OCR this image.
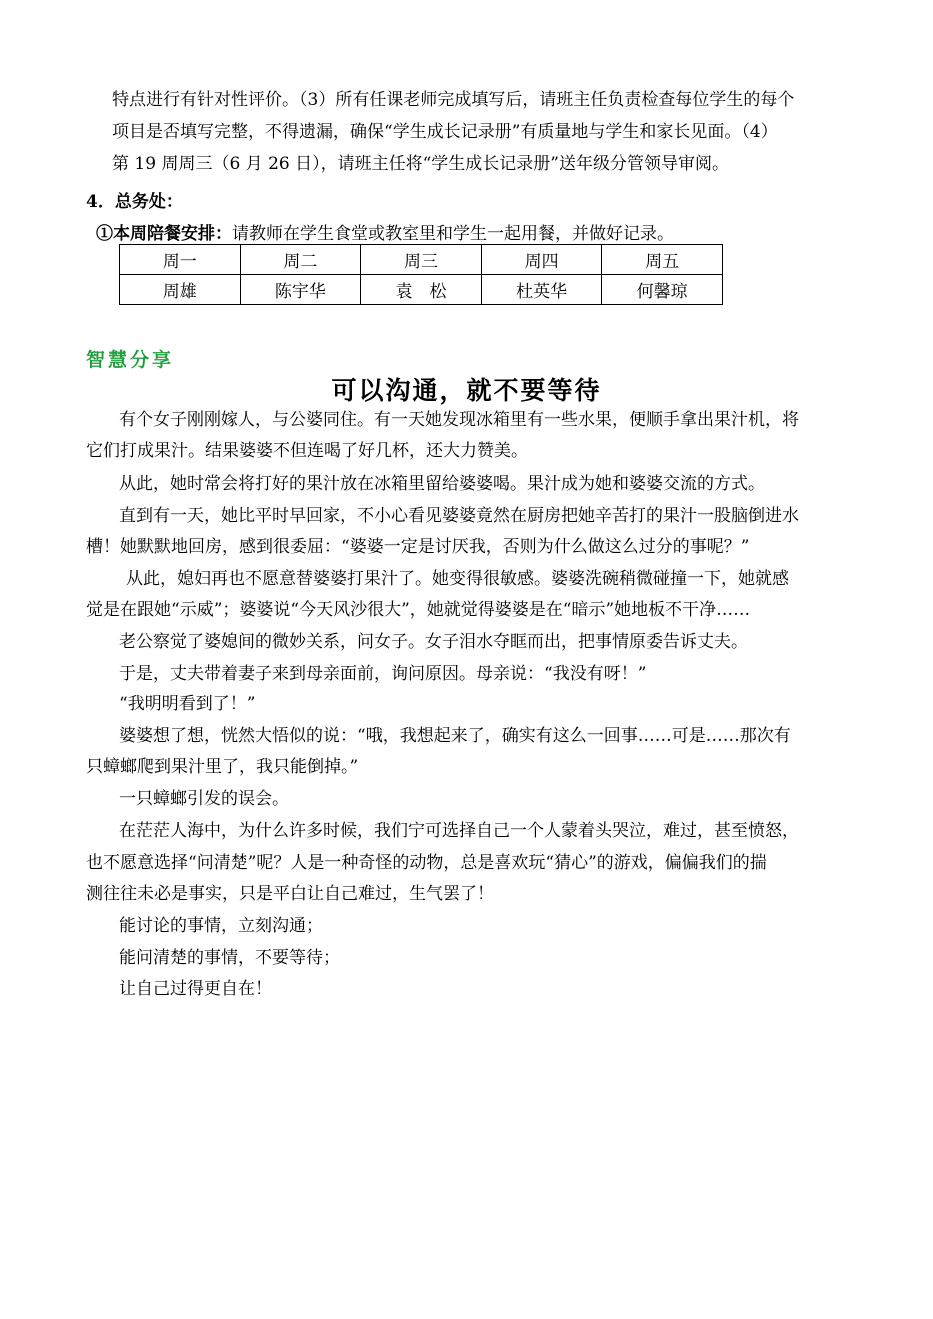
特点进行有针对性评价。（3）所有任课老师完成填写后，请班主任负责检查每位学生的每个
项目是否填写完整，不得遗漏，确保“学生成长记录册”有质量地与学生和家长见面。（4）
第 19 周周三（6 月 26 日），请班主任将“学生成长记录册”送年级分管领导审阅。
4．总务处：
①本周陪餐安排：请教师在学生食堂或教室里和学生一起用餐，并做好记录。
周一	周二	周三	周四	周五
周雄	陈宇华	袁　松	杜英华	何馨琼
智慧分享
可以沟通，就不要等待
有个女子刚刚嫁人，与公婆同住。有一天她发现冰箱里有一些水果，便顺手拿出果汁机，将
它们打成果汁。结果婆婆不但连喝了好几杯，还大力赞美。
从此，她时常会将打好的果汁放在冰箱里留给婆婆喝。果汁成为她和婆婆交流的方式。
直到有一天，她比平时早回家，不小心看见婆婆竟然在厨房把她辛苦打的果汁一股脑倒进水
槽！她默默地回房，感到很委屈：“婆婆一定是讨厌我，否则为什么做这么过分的事呢？”
从此，媳妇再也不愿意替婆婆打果汁了。她变得很敏感。婆婆洗碗稍微碰撞一下，她就感
觉是在跟她“示威”；婆婆说“今天风沙很大”，她就觉得婆婆是在“暗示”她地板不干净……
老公察觉了婆媳间的微妙关系，问女子。女子泪水夺眶而出，把事情原委告诉丈夫。
于是，丈夫带着妻子来到母亲面前，询问原因。母亲说：“我没有呀！”
“我明明看到了！”
婆婆想了想，恍然大悟似的说：“哦，我想起来了，确实有这么一回事……可是……那次有
只蟑螂爬到果汁里了，我只能倒掉。”
一只蟑螂引发的误会。
在茫茫人海中，为什么许多时候，我们宁可选择自己一个人蒙着头哭泣，难过，甚至愤怒，
也不愿意选择“问清楚”呢？人是一种奇怪的动物，总是喜欢玩“猜心”的游戏，偏偏我们的揣
测往往未必是事实，只是平白让自己难过，生气罢了！
能讨论的事情，立刻沟通；
能问清楚的事情，不要等待；
让自己过得更自在！
